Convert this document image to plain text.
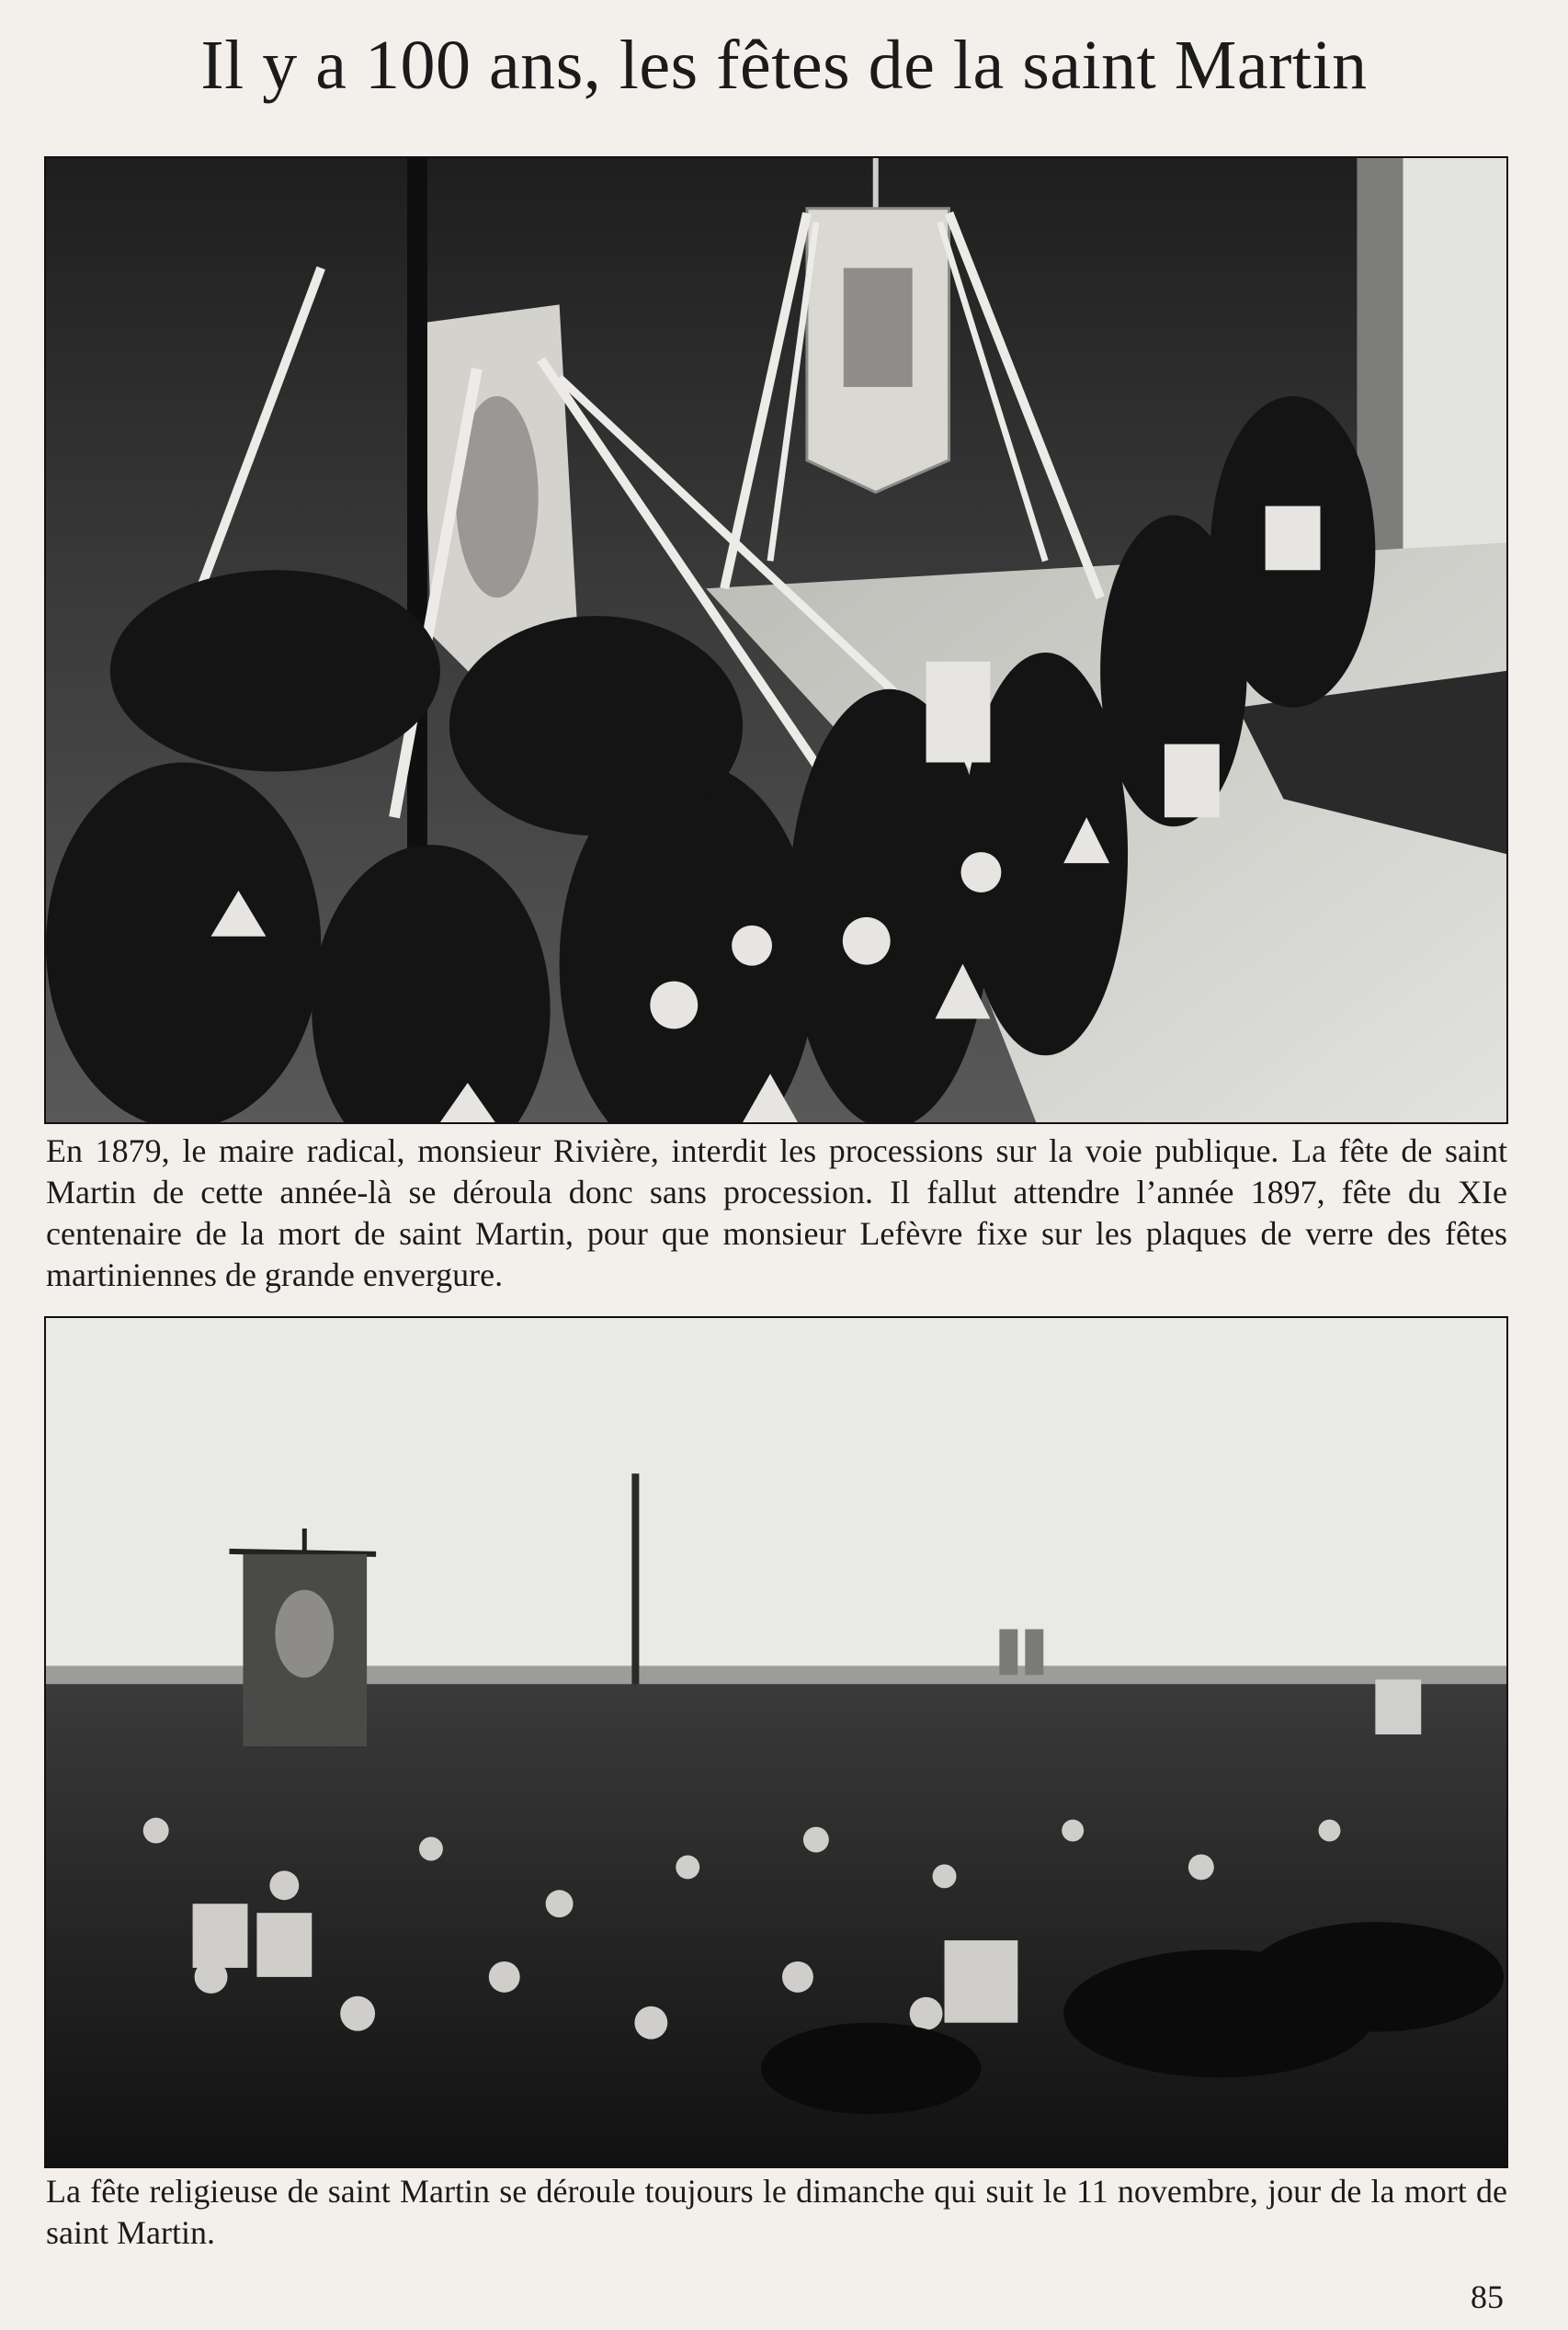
Il y a 100 ans, les fêtes de la saint Martin

En 1879, le maire radical, monsieur Rivière, interdit les processions sur la voie publique. La fête de saint Martin de cette année-là se déroula donc sans procession. Il fallut attendre l’année 1897, fête du XIe centenaire de la mort de saint Martin, pour que monsieur Lefèvre fixe sur les plaques de verre des fêtes martiniennes de grande envergure.

La fête religieuse de saint Martin se déroule toujours le dimanche qui suit le 11 novembre, jour de la mort de saint Martin.

85
